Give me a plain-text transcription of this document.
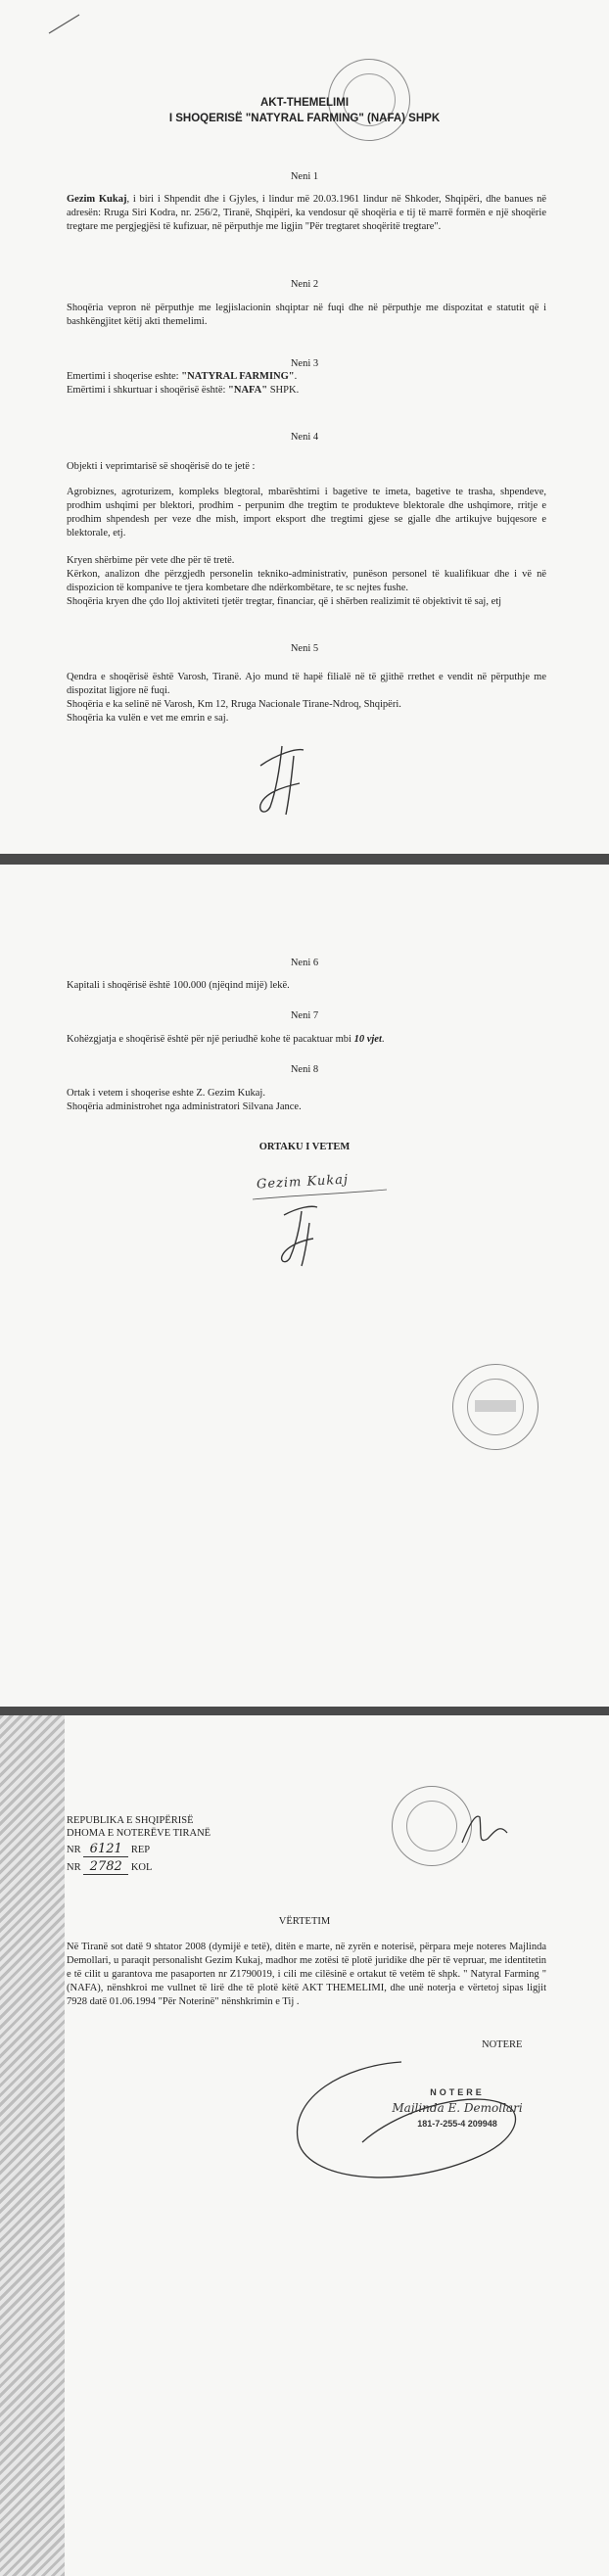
AKT-THEMELIMI
I SHOQERISË "NATYRAL FARMING" (NAFA) SHPK
Neni 1
Gezim Kukaj, i biri i Shpendit dhe i Gjyles, i lindur më 20.03.1961 lindur në Shkoder, Shqipëri, dhe banues në adresën: Rruga Siri Kodra, nr. 256/2, Tiranë, Shqipëri, ka vendosur që shoqëria e tij të marrë formën e një shoqërie tregtare me pergjegjësi të kufizuar, në përputhje me ligjin "Për tregtaret shoqëritë tregtare".
Neni 2
Shoqëria vepron në përputhje me legjislacionin shqiptar në fuqi dhe në përputhje me dispozitat e statutit që i bashkëngjitet këtij akti themelimi.
Neni 3
Emertimi i shoqerise eshte: "NATYRAL FARMING".
Emërtimi i shkurtuar i shoqërisë është: "NAFA" SHPK.
Neni 4
Objekti i veprimtarisë së shoqërisë do te jetë :
Agrobiznes, agroturizem, kompleks blegtoral, mbarështimi i bagetive te imeta, bagetive te trasha, shpendeve, prodhim ushqimi per blektori, prodhim - perpunim dhe tregtim te produkteve blektorale dhe ushqimore, rritje e prodhim shpendesh per veze dhe mish, import eksport dhe tregtimi gjese se gjalle dhe artikujve bujqesore e blektorale, etj.
Kryen shërbime për vete dhe për të tretë.
Kërkon, analizon dhe përzgjedh personelin tekniko-administrativ, punëson personel të kualifikuar dhe i vë në dispozicion të kompanive te tjera kombetare dhe ndërkombëtare, te sc nejtes fushe.
Shoqëria kryen dhe çdo lloj aktiviteti tjetër tregtar, financiar, që i shërben realizimit të objektivit të saj, etj
Neni 5
Qendra e shoqërisë është Varosh, Tiranë. Ajo mund të hapë filialë në të gjithë rrethet e vendit në përputhje me dispozitat ligjore në fuqi.
Shoqëria e ka selinë në Varosh, Km 12, Rruga Nacionale Tirane-Ndroq, Shqipëri.
Shoqëria ka vulën e vet me emrin e saj.
Neni 6
Kapitali i shoqërisë është 100.000 (njëqind mijë) lekë.
Neni 7
Kohëzgjatja e shoqërisë është për një periudhë kohe të pacaktuar mbi 10 vjet.
Neni 8
Ortak i vetem i shoqerise eshte Z. Gezim Kukaj.
Shoqëria administrohet nga administratori Silvana Jance.
ORTAKU I VETEM
Gezim Kukaj
REPUBLIKA E SHQIPËRISË
DHOMA E NOTERËVE TIRANË
NR 6121 REP
NR 2782 KOL
VËRTETIM
Në Tiranë sot datë 9 shtator 2008 (dymijë e tetë), ditën e marte, në zyrën e noterisë, përpara meje noteres Majlinda Demollari, u paraqit personalisht Gezim Kukaj, madhor me zotësi të plotë juridike dhe për të vepruar, me identitetin e të cilit u garantova me pasaporten nr Z1790019, i cili me cilësinë e ortakut të vetëm të shpk. " Natyral Farming " (NAFA), nënshkroi me vullnet të lirë dhe të plotë këtë AKT THEMELIMI, dhe unë noterja e vërtetoj sipas ligjit 7928 datë 01.06.1994 "Për Noterinë" nënshkrimin e Tij .
NOTERE
NOTERE
Majlinda E. Demollari
181-7-255-4 209948
